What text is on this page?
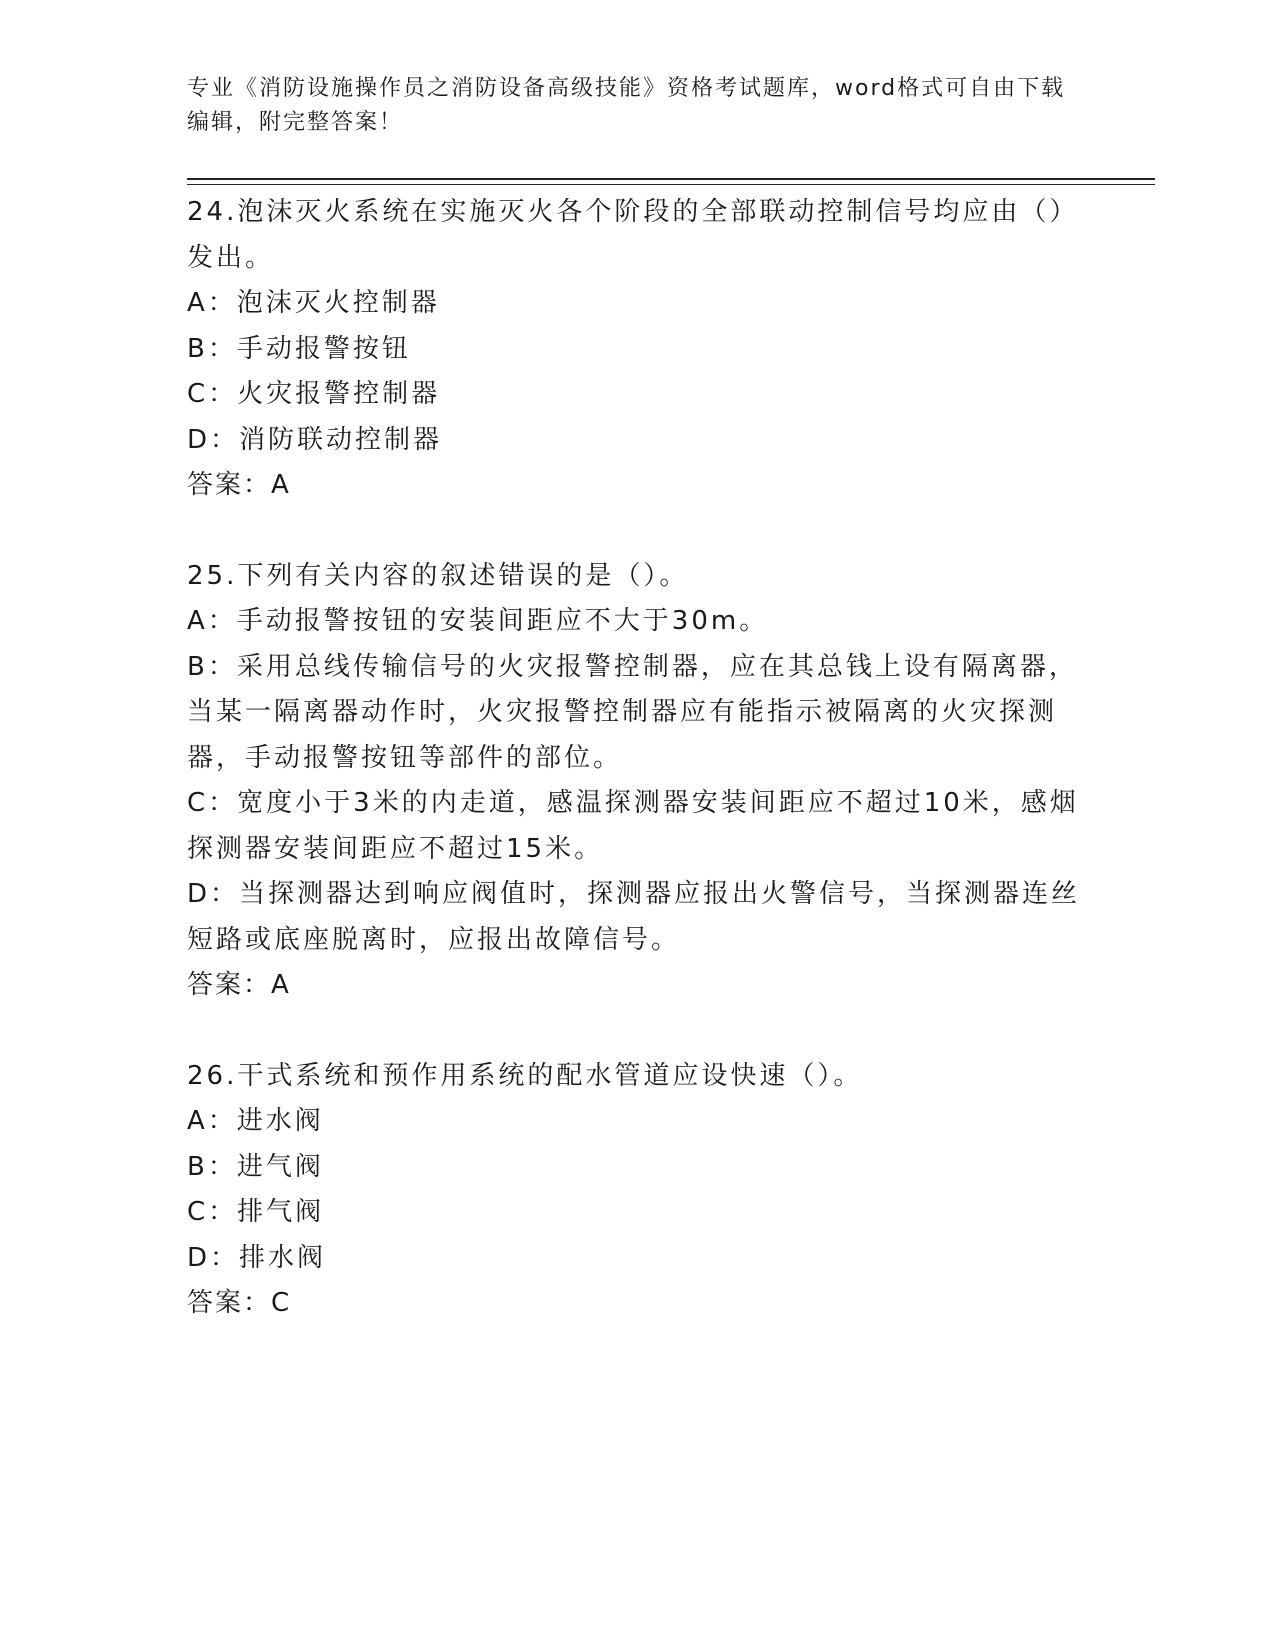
专业《消防设施操作员之消防设备高级技能》资格考试题库，word格式可自由下载编辑，附完整答案！
24.泡沫灭火系统在实施灭火各个阶段的全部联动控制信号均应由（）发出。
A：泡沫灭火控制器
B：手动报警按钮
C：火灾报警控制器
D：消防联动控制器
答案：A
25.下列有关内容的叙述错误的是（）。
A：手动报警按钮的安装间距应不大于30m。
B：采用总线传输信号的火灾报警控制器，应在其总钱上设有隔离器，当某一隔离器动作时，火灾报警控制器应有能指示被隔离的火灾探测器，手动报警按钮等部件的部位。
C：宽度小于3米的内走道，感温探测器安装间距应不超过10米，感烟探测器安装间距应不超过15米。
D：当探测器达到响应阀值时，探测器应报出火警信号，当探测器连丝短路或底座脱离时，应报出故障信号。
答案：A
26.干式系统和预作用系统的配水管道应设快速（）。
A：进水阀
B：进气阀
C：排气阀
D：排水阀
答案：C
